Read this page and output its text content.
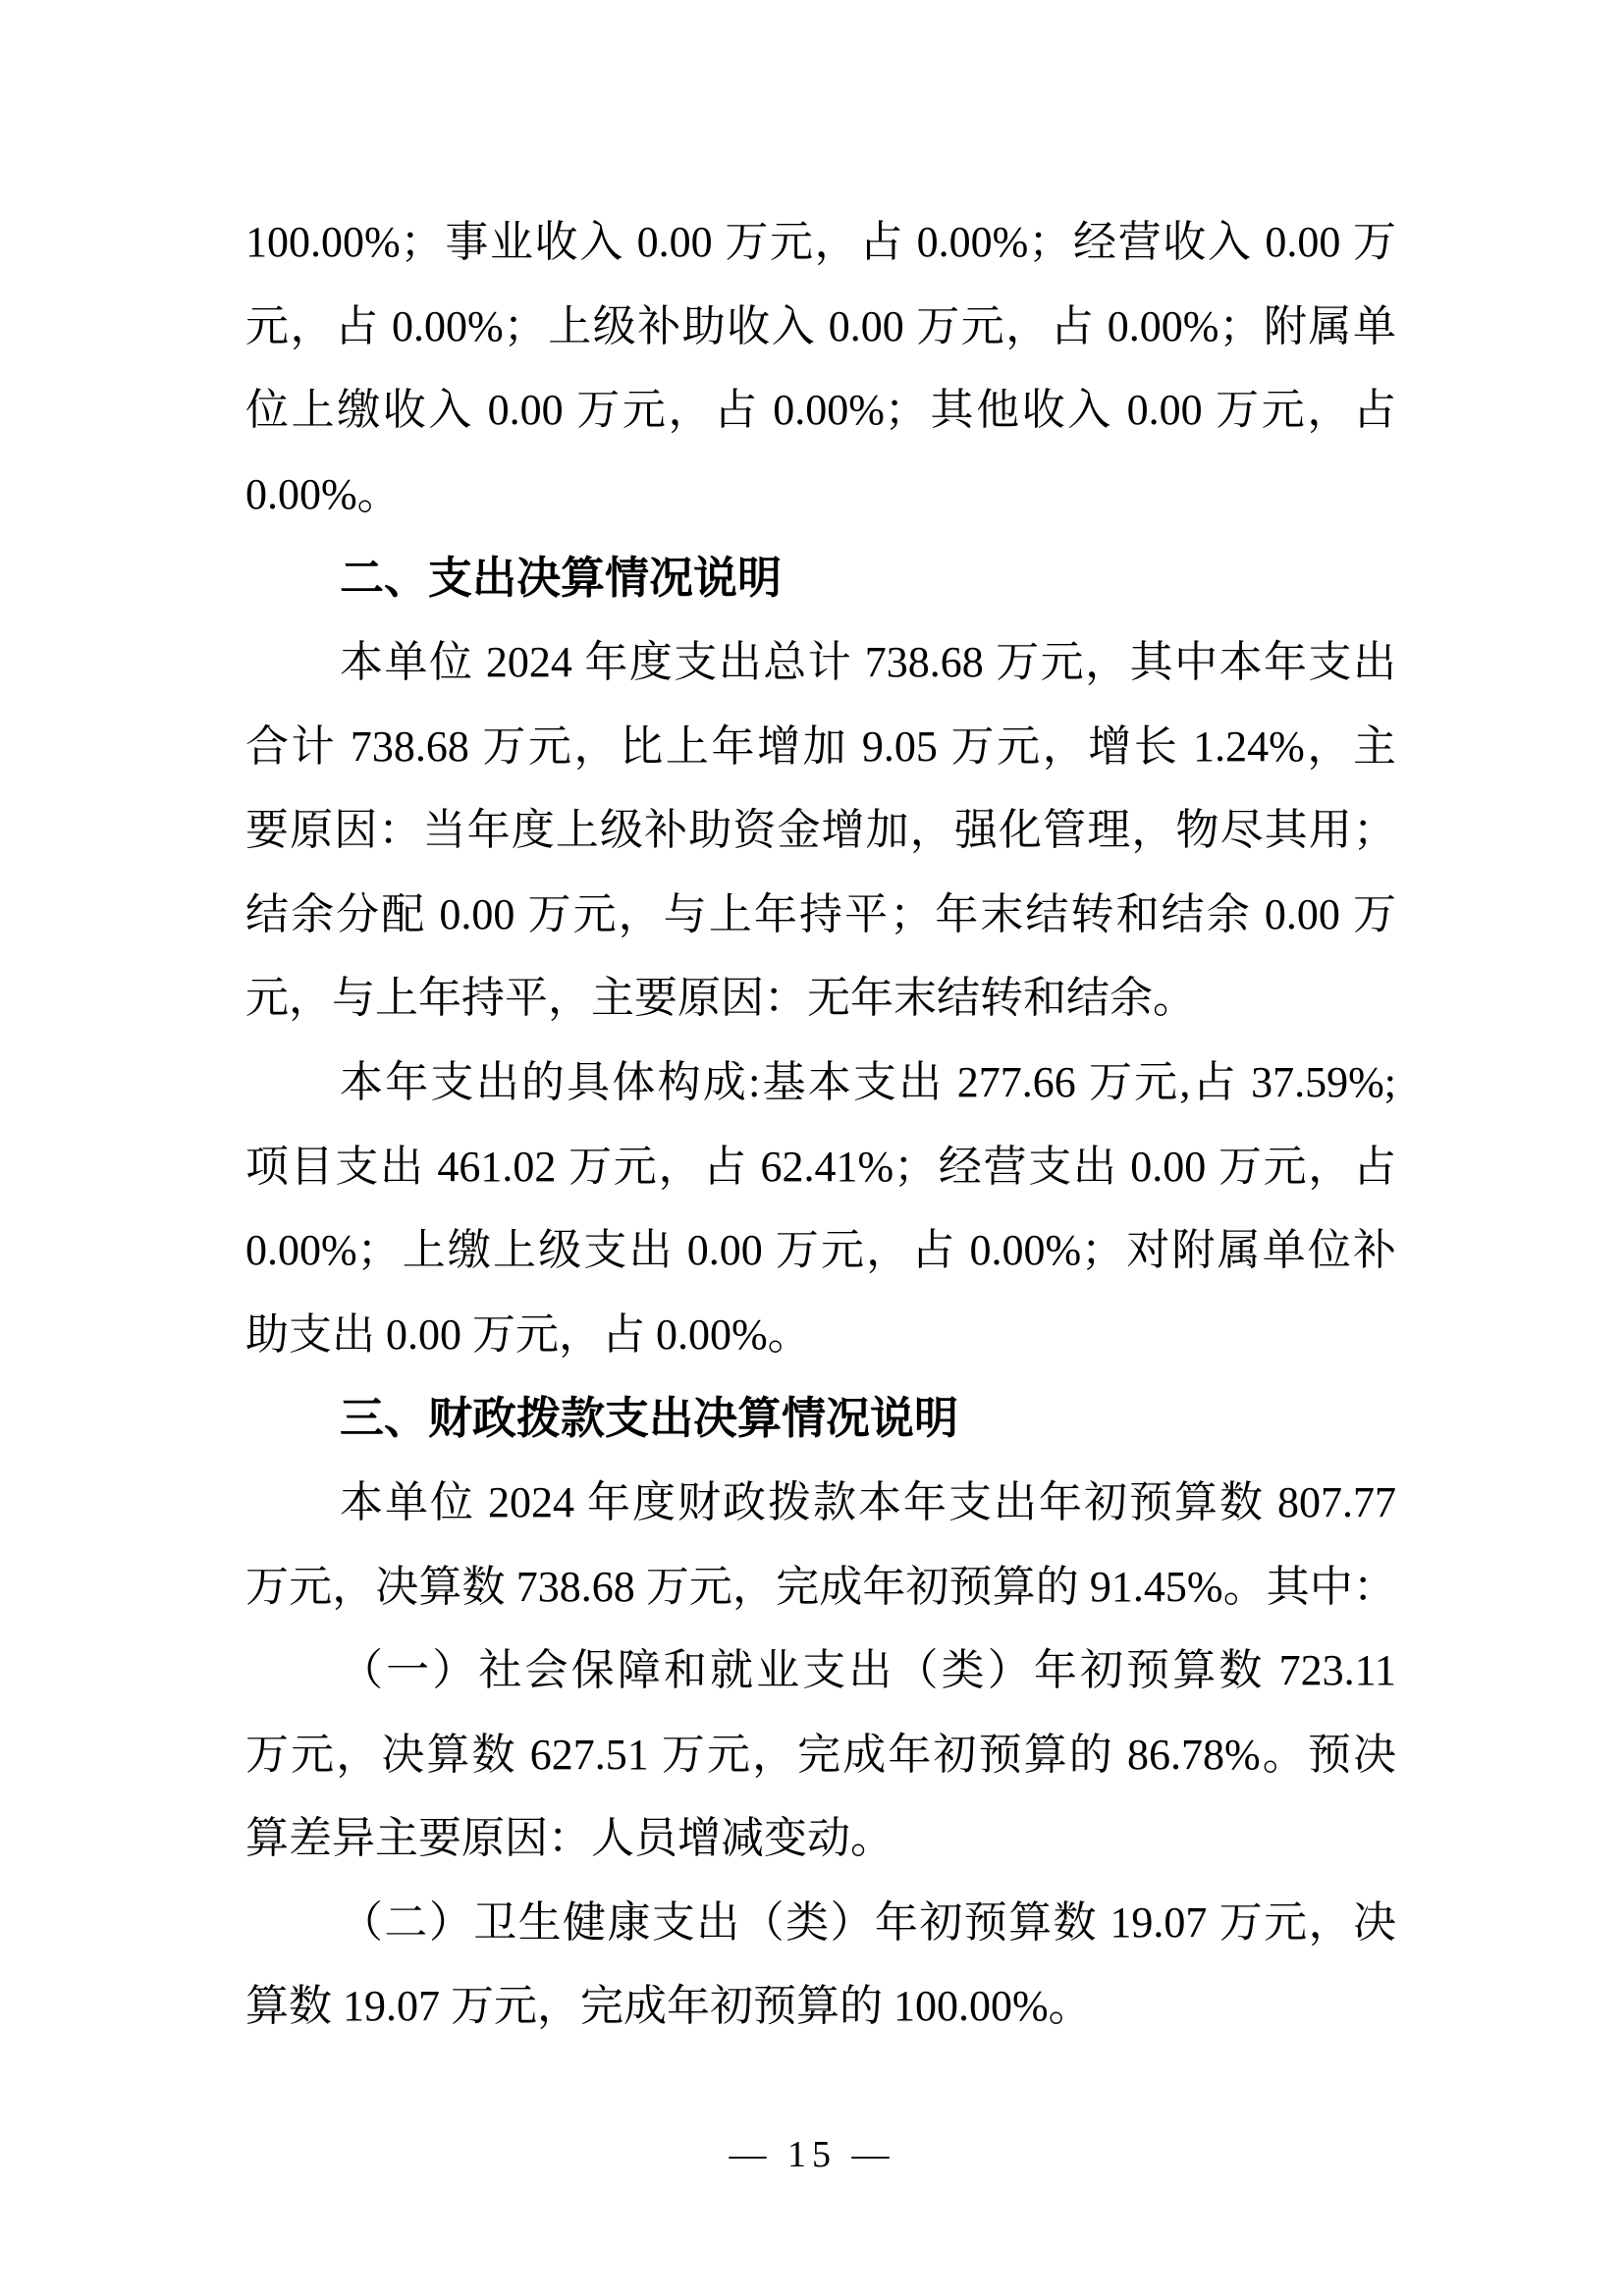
100.00%；事业收入 0.00 万元，占 0.00%；经营收入 0.00 万
元，占 0.00%；上级补助收入 0.00 万元，占 0.00%；附属单
位上缴收入 0.00 万元，占 0.00%；其他收入 0.00 万元，占
0.00%。
二、支出决算情况说明
本单位 2024 年度支出总计 738.68 万元，其中本年支出
合计 738.68 万元，比上年增加 9.05 万元，增长 1.24%，主
要原因：当年度上级补助资金增加，强化管理，物尽其用；
结余分配 0.00 万元，与上年持平；年末结转和结余 0.00 万
元，与上年持平，主要原因：无年末结转和结余。
本年支出的具体构成:基本支出 277.66 万元,占 37.59%;
项目支出 461.02 万元，占 62.41%；经营支出 0.00 万元，占
0.00%；上缴上级支出 0.00 万元，占 0.00%；对附属单位补
助支出 0.00 万元，占 0.00%。
三、财政拨款支出决算情况说明
本单位 2024 年度财政拨款本年支出年初预算数 807.77
万元，决算数 738.68 万元，完成年初预算的 91.45%。其中：
（一）社会保障和就业支出（类）年初预算数 723.11
万元，决算数 627.51 万元，完成年初预算的 86.78%。预决
算差异主要原因：人员增减变动。
（二）卫生健康支出（类）年初预算数 19.07 万元，决
算数 19.07 万元，完成年初预算的 100.00%。
— 15 —
